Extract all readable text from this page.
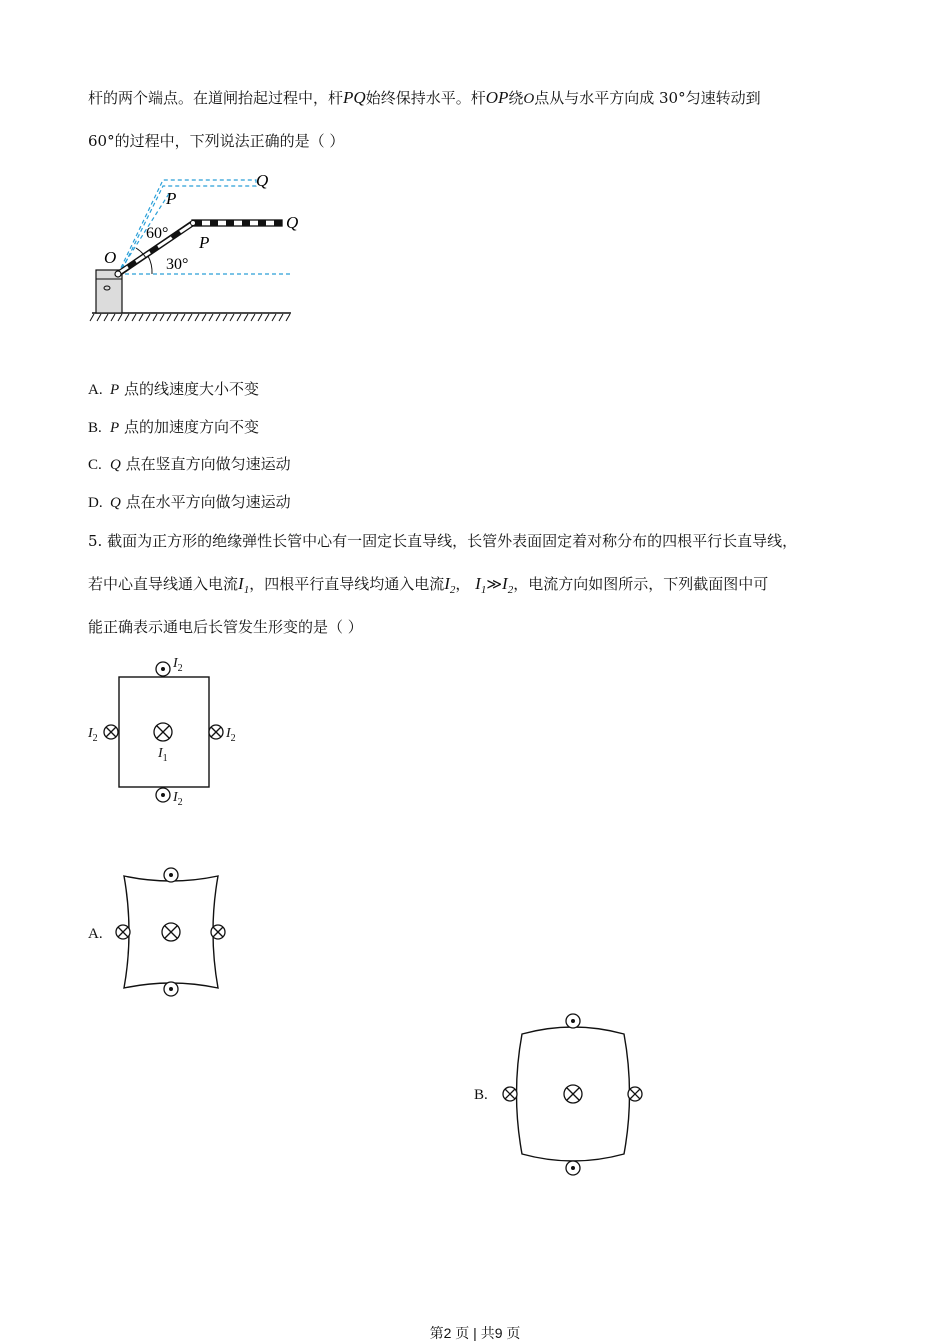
杆的两个端点。在道闸抬起过程中，杆PQ始终保持水平。杆OP绕O点从与水平方向成 30°匀速转动到
60°的过程中，下列说法正确的是（ ）
O
P
Q
P
Q
60°
30°
A. P 点的线速度大小不变
B. P 点的加速度方向不变
C. Q 点在竖直方向做匀速运动
D. Q 点在水平方向做匀速运动
5. 截面为正方形的绝缘弹性长管中心有一固定长直导线，长管外表面固定着对称分布的四根平行长直导线，
若中心直导线通入电流$I_1$，四根平行直导线均通入电流$I_2$， $I_1≫I_2$，电流方向如图所示，下列截面图中可
能正确表示通电后长管发生形变的是（ ）
$I_2$
$I_2$	$I_2$
$I_1$
$I_2$
A.
B.
第2 页 | 共9 页
